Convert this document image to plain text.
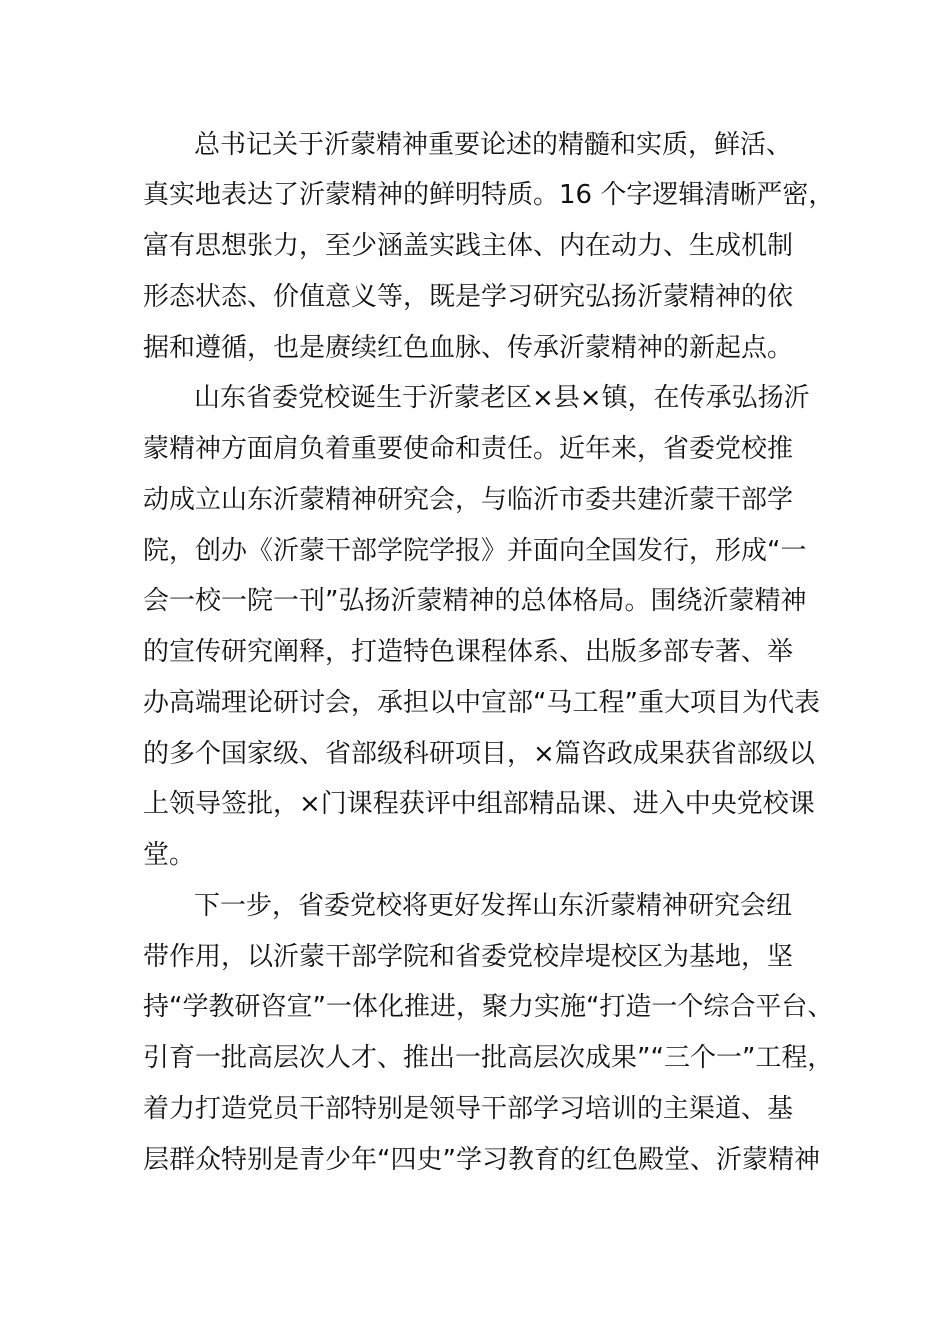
总书记关于沂蒙精神重要论述的精髓和实质，鲜活、
真实地表达了沂蒙精神的鲜明特质。16 个字逻辑清晰严密，
富有思想张力，至少涵盖实践主体、内在动力、生成机制
形态状态、价值意义等，既是学习研究弘扬沂蒙精神的依
据和遵循，也是赓续红色血脉、传承沂蒙精神的新起点。
山东省委党校诞生于沂蒙老区×县×镇，在传承弘扬沂
蒙精神方面肩负着重要使命和责任。近年来，省委党校推
动成立山东沂蒙精神研究会，与临沂市委共建沂蒙干部学
院，创办《沂蒙干部学院学报》并面向全国发行，形成“一
会一校一院一刊”弘扬沂蒙精神的总体格局。围绕沂蒙精神
的宣传研究阐释，打造特色课程体系、出版多部专著、举
办高端理论研讨会，承担以中宣部“马工程”重大项目为代表
的多个国家级、省部级科研项目，×篇咨政成果获省部级以
上领导签批，×门课程获评中组部精品课、进入中央党校课
堂。
下一步，省委党校将更好发挥山东沂蒙精神研究会纽
带作用，以沂蒙干部学院和省委党校岸堤校区为基地，坚
持“学教研咨宣”一体化推进，聚力实施“打造一个综合平台、
引育一批高层次人才、推出一批高层次成果”“三个一”工程，
着力打造党员干部特别是领导干部学习培训的主渠道、基
层群众特别是青少年“四史”学习教育的红色殿堂、沂蒙精神
